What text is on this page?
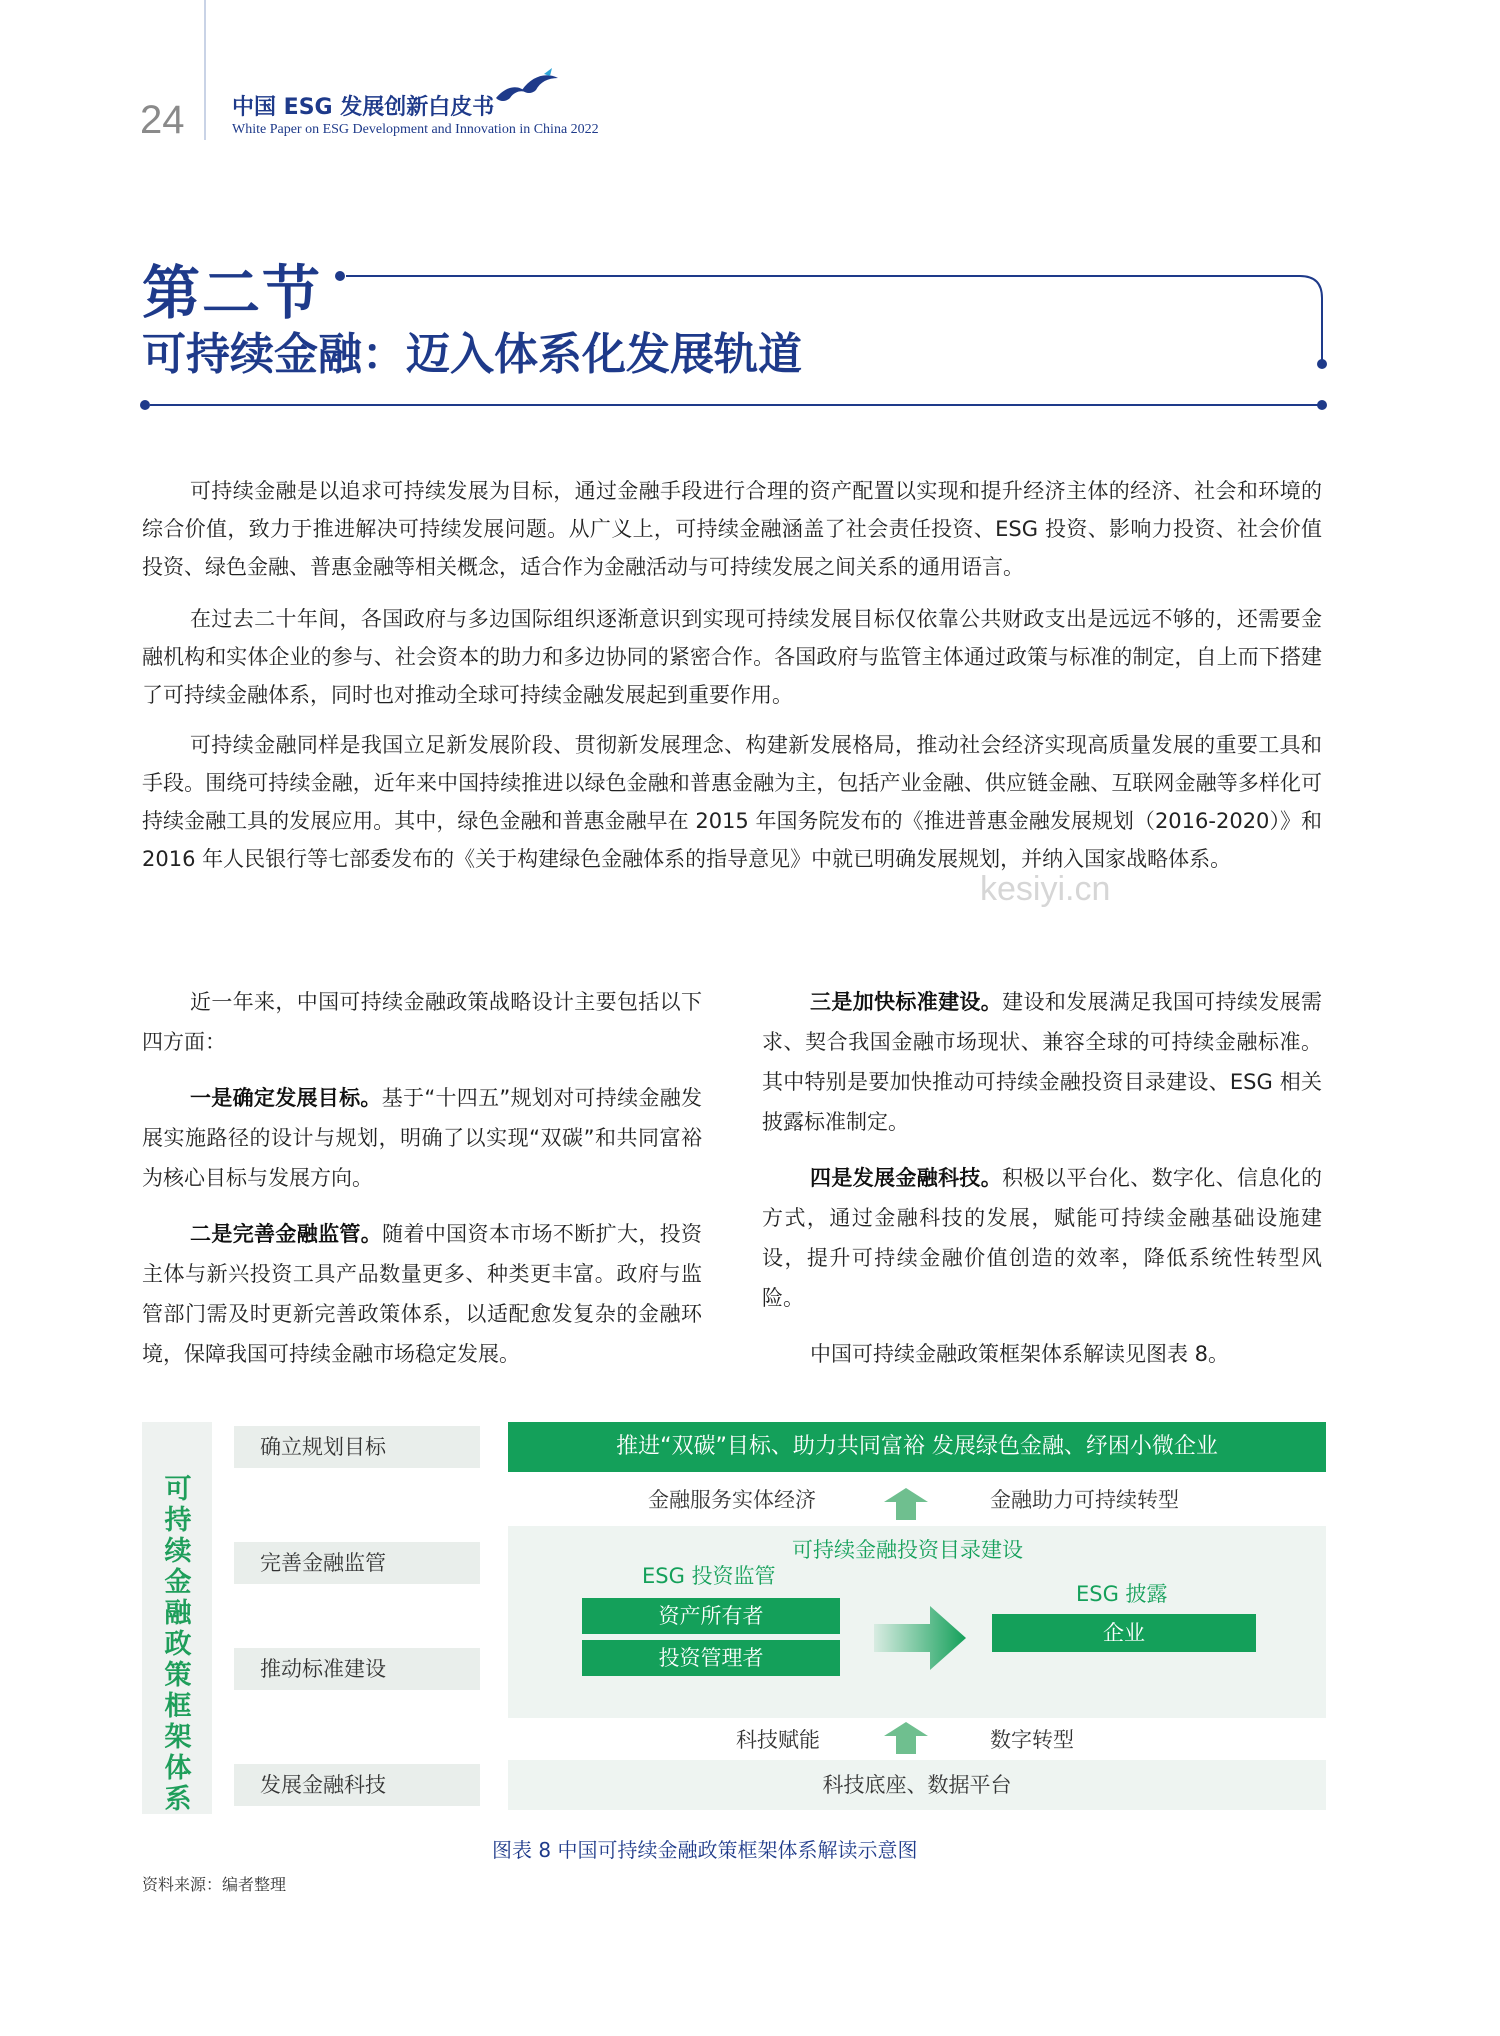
24 中国 ESG 发展创新白皮书
White Paper on ESG Development and Innovation in China 2022
第二节
可持续金融：迈入体系化发展轨道
可持续金融是以追求可持续发展为目标，通过金融手段进行合理的资产配置以实现和提升经济主体的经济、社会和环境的综合价值，致力于推进解决可持续发展问题。从广义上，可持续金融涵盖了社会责任投资、ESG 投资、影响力投资、社会价值投资、绿色金融、普惠金融等相关概念，适合作为金融活动与可持续发展之间关系的通用语言。
在过去二十年间，各国政府与多边国际组织逐渐意识到实现可持续发展目标仅依靠公共财政支出是远远不够的，还需要金融机构和实体企业的参与、社会资本的助力和多边协同的紧密合作。各国政府与监管主体通过政策与标准的制定，自上而下搭建了可持续金融体系，同时也对推动全球可持续金融发展起到重要作用。
可持续金融同样是我国立足新发展阶段、贯彻新发展理念、构建新发展格局，推动社会经济实现高质量发展的重要工具和手段。围绕可持续金融，近年来中国持续推进以绿色金融和普惠金融为主，包括产业金融、供应链金融、互联网金融等多样化可持续金融工具的发展应用。其中，绿色金融和普惠金融早在 2015 年国务院发布的《推进普惠金融发展规划（2016-2020）》和 2016 年人民银行等七部委发布的《关于构建绿色金融体系的指导意见》中就已明确发展规划，并纳入国家战略体系。
kesiyi.cn

近一年来，中国可持续金融政策战略设计主要包括以下四方面：

一是确定发展目标。基于“十四五”规划对可持续金融发展实施路径的设计与规划，明确了以实现“双碳”和共同富裕为核心目标与发展方向。

二是完善金融监管。随着中国资本市场不断扩大，投资主体与新兴投资工具产品数量更多、种类更丰富。政府与监管部门需及时更新完善政策体系，以适配愈发复杂的金融环境，保障我国可持续金融市场稳定发展。

三是加快标准建设。建设和发展满足我国可持续发展需求、契合我国金融市场现状、兼容全球的可持续金融标准。其中特别是要加快推动可持续金融投资目录建设、ESG 相关披露标准制定。

四是发展金融科技。积极以平台化、数字化、信息化的方式，通过金融科技的发展，赋能可持续金融基础设施建设，提升可持续金融价值创造的效率，降低系统性转型风险。

中国可持续金融政策框架体系解读见图表 8。

可持续金融政策框架体系
确立规划目标
完善金融监管
推动标准建设
发展金融科技
推进“双碳”目标、助力共同富裕 发展绿色金融、纾困小微企业
金融服务实体经济	金融助力可持续转型
可持续金融投资目录建设
ESG 投资监管
资产所有者
投资管理者
ESG 披露
企业
科技赋能	数字转型
科技底座、数据平台
图表 8 中国可持续金融政策框架体系解读示意图
资料来源：编者整理
